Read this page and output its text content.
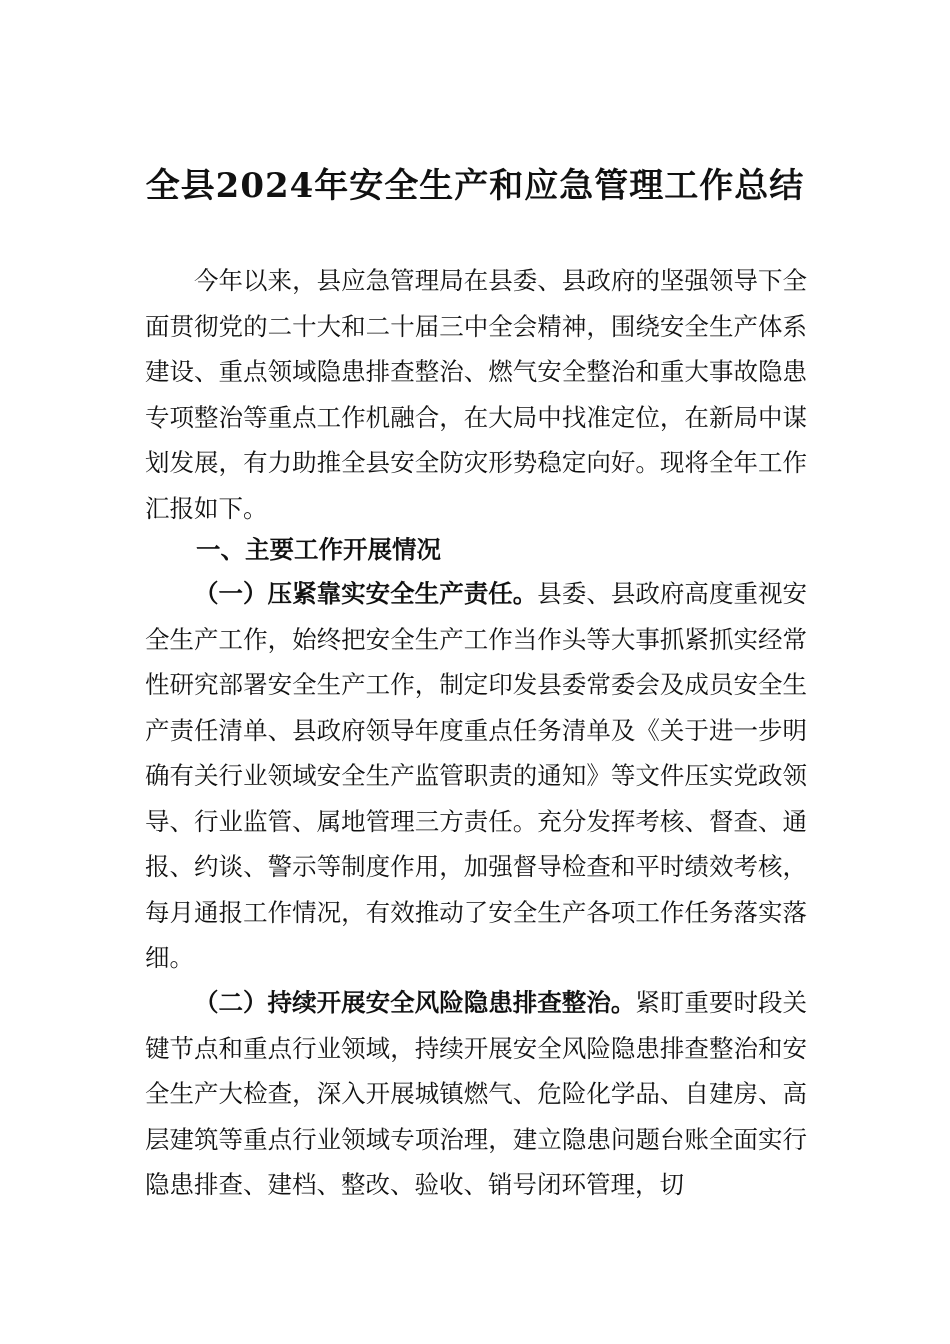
全县2024年安全生产和应急管理工作总结

今年以来，县应急管理局在县委、县政府的坚强领导下全面贯彻党的二十大和二十届三中全会精神，围绕安全生产体系建设、重点领域隐患排查整治、燃气安全整治和重大事故隐患专项整治等重点工作机融合，在大局中找准定位，在新局中谋划发展，有力助推全县安全防灾形势稳定向好。现将全年工作汇报如下。

一、主要工作开展情况

（一）压紧靠实安全生产责任。县委、县政府高度重视安全生产工作，始终把安全生产工作当作头等大事抓紧抓实经常性研究部署安全生产工作，制定印发县委常委会及成员安全生产责任清单、县政府领导年度重点任务清单及《关于进一步明确有关行业领域安全生产监管职责的通知》等文件压实党政领导、行业监管、属地管理三方责任。充分发挥考核、督查、通报、约谈、警示等制度作用，加强督导检查和平时绩效考核，每月通报工作情况，有效推动了安全生产各项工作任务落实落细。

（二）持续开展安全风险隐患排查整治。紧盯重要时段关键节点和重点行业领域，持续开展安全风险隐患排查整治和安全生产大检查，深入开展城镇燃气、危险化学品、自建房、高层建筑等重点行业领域专项治理，建立隐患问题台账全面实行隐患排查、建档、整改、验收、销号闭环管理，切
